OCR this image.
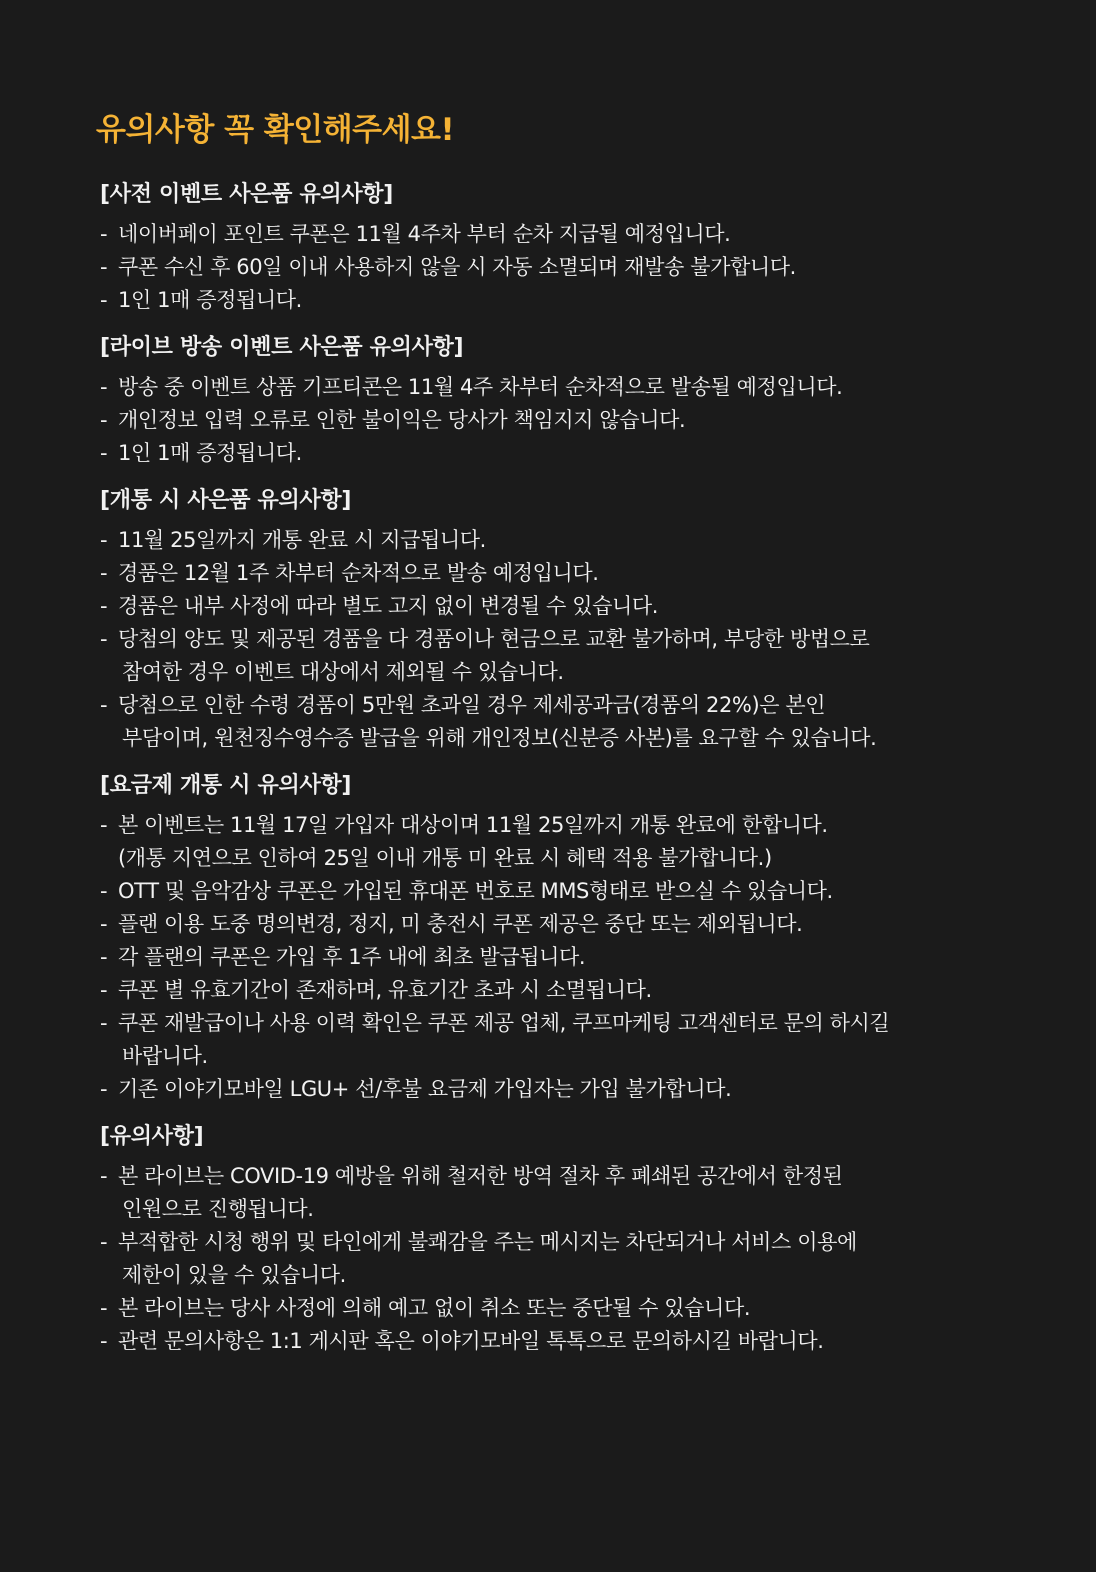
유의사항 꼭 확인해주세요!
[사전 이벤트 사은품 유의사항]
- 네이버페이 포인트 쿠폰은 11월 4주차 부터 순차 지급될 예정입니다.
- 쿠폰 수신 후 60일 이내 사용하지 않을 시 자동 소멸되며 재발송 불가합니다.
- 1인 1매 증정됩니다.
[라이브 방송 이벤트 사은품 유의사항]
- 방송 중 이벤트 상품 기프티콘은 11월 4주 차부터 순차적으로 발송될 예정입니다.
- 개인정보 입력 오류로 인한 불이익은 당사가 책임지지 않습니다.
- 1인 1매 증정됩니다.
[개통 시 사은품 유의사항]
- 11월 25일까지 개통 완료 시 지급됩니다.
- 경품은 12월 1주 차부터 순차적으로 발송 예정입니다.
- 경품은 내부 사정에 따라 별도 고지 없이 변경될 수 있습니다.
- 당첨의 양도 및 제공된 경품을 다 경품이나 현금으로 교환 불가하며, 부당한 방법으로
참여한 경우 이벤트 대상에서 제외될 수 있습니다.
- 당첨으로 인한 수령 경품이 5만원 초과일 경우 제세공과금(경품의 22%)은 본인
부담이며, 원천징수영수증 발급을 위해 개인정보(신분증 사본)를 요구할 수 있습니다.
[요금제 개통 시 유의사항]
- 본 이벤트는 11월 17일 가입자 대상이며 11월 25일까지 개통 완료에 한합니다.
(개통 지연으로 인하여 25일 이내 개통 미 완료 시 혜택 적용 불가합니다.)
- OTT 및 음악감상 쿠폰은 가입된 휴대폰 번호로 MMS형태로 받으실 수 있습니다.
- 플랜 이용 도중 명의변경, 정지, 미 충전시 쿠폰 제공은 중단 또는 제외됩니다.
- 각 플랜의 쿠폰은 가입 후 1주 내에 최초 발급됩니다.
- 쿠폰 별 유효기간이 존재하며, 유효기간 초과 시 소멸됩니다.
- 쿠폰 재발급이나 사용 이력 확인은 쿠폰 제공 업체, 쿠프마케팅 고객센터로 문의 하시길
바랍니다.
- 기존 이야기모바일 LGU+ 선/후불 요금제 가입자는 가입 불가합니다.
[유의사항]
- 본 라이브는 COVID-19 예방을 위해 철저한 방역 절차 후 폐쇄된 공간에서 한정된
인원으로 진행됩니다.
- 부적합한 시청 행위 및 타인에게 불쾌감을 주는 메시지는 차단되거나 서비스 이용에
제한이 있을 수 있습니다.
- 본 라이브는 당사 사정에 의해 예고 없이 취소 또는 중단될 수 있습니다.
- 관련 문의사항은 1:1 게시판 혹은 이야기모바일 톡톡으로 문의하시길 바랍니다.
